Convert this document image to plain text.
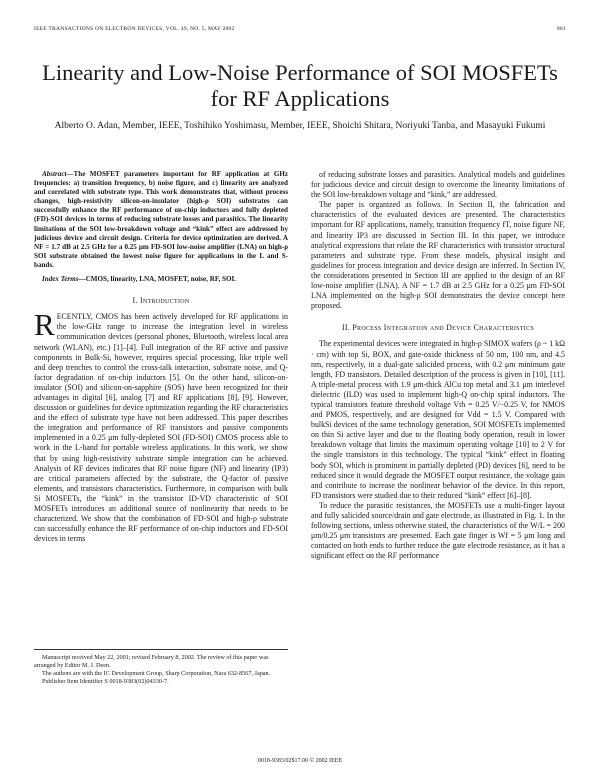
IEEE TRANSACTIONS ON ELECTRON DEVICES, VOL. 49, NO. 5, MAY 2002	881
Linearity and Low-Noise Performance of SOI MOSFETs for RF Applications
Alberto O. Adan, Member, IEEE, Toshihiko Yoshimasu, Member, IEEE, Shoichi Shitara, Noriyuki Tanba, and Masayuki Fukumi

Abstract—The MOSFET parameters important for RF application at GHz frequencies: a) transition frequency, b) noise figure, and c) linearity are analyzed and correlated with substrate type. This work demonstrates that, without process changes, high-resistivity silicon-on-insulator (high-ρ SOI) substrates can successfully enhance the RF performance of on-chip inductors and fully depleted (FD)-SOI devices in terms of reducing substrate losses and parasitics. The linearity limitations of the SOI low-breakdown voltage and “kink” effect are addressed by judicious device and circuit design. Criteria for device optimization are derived. A NF = 1.7 dB at 2.5 GHz for a 0.25 μm FD-SOI low-noise amplifier (LNA) on high-ρ SOI substrate obtained the lowest noise figure for applications in the L and S-bands.

Index Terms—CMOS, linearity, LNA, MOSFET, noise, RF, SOI.

I. Introduction

RECENTLY, CMOS has been actively developed for RF applications in the low-GHz range to increase the integration level in wireless communication devices (personal phones, Bluetooth, wireless local area network (WLAN), etc.) [1]–[4]. Full integration of the RF active and passive components in Bulk-Si, however, requires special processing, like triple well and deep trenches to control the cross-talk interaction, substrate noise, and Q-factor degradation of on-chip inductors [5]. On the other hand, silicon-on-insulator (SOI) and silicon-on-sapphire (SOS) have been recognized for their advantages in digital [6], analog [7] and RF applications [8], [9]. However, discussion or guidelines for device optimization regarding the RF characteristics and the effect of substrate type have not been addressed. This paper describes the integration and performance of RF transistors and passive components implemented in a 0.25 μm fully-depleted SOI (FD-SOI) CMOS process able to work in the L-band for portable wireless applications. In this work, we show that by using high-resistivity substrate simple integration can be achieved. Analysis of RF devices indicates that RF noise figure (NF) and linearity (IP3) are critical parameters affected by the substrate, the Q-factor of passive elements, and transistors characteristics. Furthermore, in comparison with bulk Si MOSFETs, the “kink” in the transistor ID-VD characteristic of SOI MOSFETs introduces an additional source of nonlinearity that needs to be characterized. We show that the combination of FD-SOI and high-ρ substrate can successfully enhance the RF performance of on-chip inductors and FD-SOI devices in terms

of reducing substrate losses and parasitics. Analytical models and guidelines for judicious device and circuit design to overcome the linearity limitations of the SOI low-breakdown voltage and “kink,” are addressed.

The paper is organized as follows. In Section II, the fabrication and characteristics of the evaluated devices are presented. The characteristics important for RF applications, namely, transition frequency fT, noise figure NF, and linearity IP3 are discussed in Section III. In this paper, we introduce analytical expressions that relate the RF characteristics with transistor structural parameters and substrate type. From these models, physical insight and guidelines for process integration and device design are inferred. In Section IV, the considerations presented in Section III are applied to the design of an RF low-noise amplifier (LNA). A NF = 1.7 dB at 2.5 GHz for a 0.25 μm FD-SOI LNA implemented on the high-ρ SOI demonstrates the device concept here proposed.

II. Process Integration and Device Characteristics

The experimental devices were integrated in high-ρ SIMOX wafers (ρ ~ 1 kΩ · cm) with top Si, BOX, and gate-oxide thickness of 50 nm, 100 nm, and 4.5 nm, respectively, in a dual-gate salicided process, with 0.2 μm minimum gate length, FD transistors. Detailed description of the process is given in [10], [11]. A triple-metal process with 1.9 μm-thick AlCu top metal and 3.1 μm interlevel dielectric (ILD) was used to implement high-Q on-chip spiral inductors. The typical transistors feature threshold voltage Vth = 0.25 V/−0.25 V, for NMOS and PMOS, respectively, and are designed for Vdd = 1.5 V. Compared with bulkSi devices of the same technology generation, SOI MOSFETs implemented on thin Si active layer and due to the floating body operation, result in lower breakdown voltage that limits the maximum operating voltage [10] to 2 V for the single transistors in this technology. The typical “kink” effect in floating body SOI, which is prominent in partially depleted (PD) devices [6], need to be reduced since it would degrade the MOSFET output resistance, the voltage gain and contribute to increase the nonlinear behavior of the device. In this report, FD transistors were studied due to their reduced “kink” effect [6]–[8].

To reduce the parasitic resistances, the MOSFETs use a multi-finger layout and fully salicided source/drain and gate electrode, as illustrated in Fig. 1. In the following sections, unless otherwise stated, the characteristics of the W/L = 200 μm/0.25 μm transistors are presented. Each gate finger is Wf = 5 μm long and contacted on both ends to further reduce the gate electrode resistance, as it has a significant effect on the RF performance

Manuscript received May 22, 2001; revised February 8, 2002. The review of this paper was arranged by Editor M. J. Deen.

The authors are with the IC Development Group, Sharp Corporation, Nara 632-8567, Japan.

Publisher Item Identifier S 0018-9383(02)04330-7.

0018-9383/02$17.00 © 2002 IEEE
